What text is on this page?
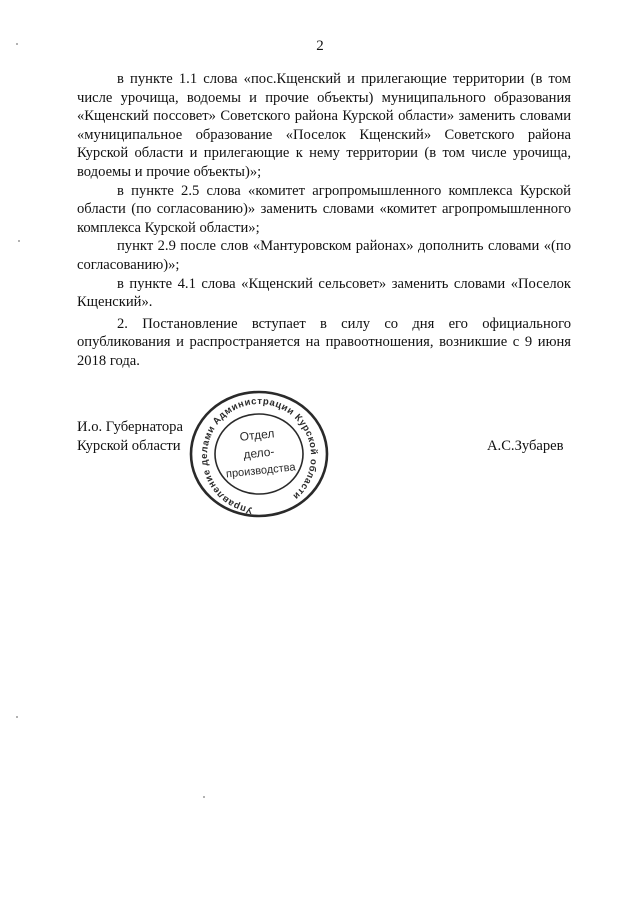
2

в пункте 1.1 слова «пос.Кщенский и прилегающие территории (в том числе урочища, водоемы и прочие объекты) муниципального образования «Кщенский поссовет» Советского района Курской области» заменить словами «муниципальное образование «Поселок Кщенский» Советского района Курской области и прилегающие к нему территории (в том числе урочища, водоемы и прочие объекты)»;

в пункте 2.5 слова «комитет агропромышленного комплекса Курской области (по согласованию)» заменить словами «комитет агропромышленного комплекса Курской области»;

пункт 2.9 после слов «Мантуровском районах» дополнить словами «(по согласованию)»;

в пункте 4.1 слова «Кщенский сельсовет» заменить словами «Поселок Кщенский».

2. Постановление вступает в силу со дня его официального опубликования и распространяется на правоотношения, возникшие с 9 июня 2018 года.

И.о. Губернатора
Курской области	А.С.Зубарев
Управление делами Администрации Курской области
Отдел
дело-
производства
